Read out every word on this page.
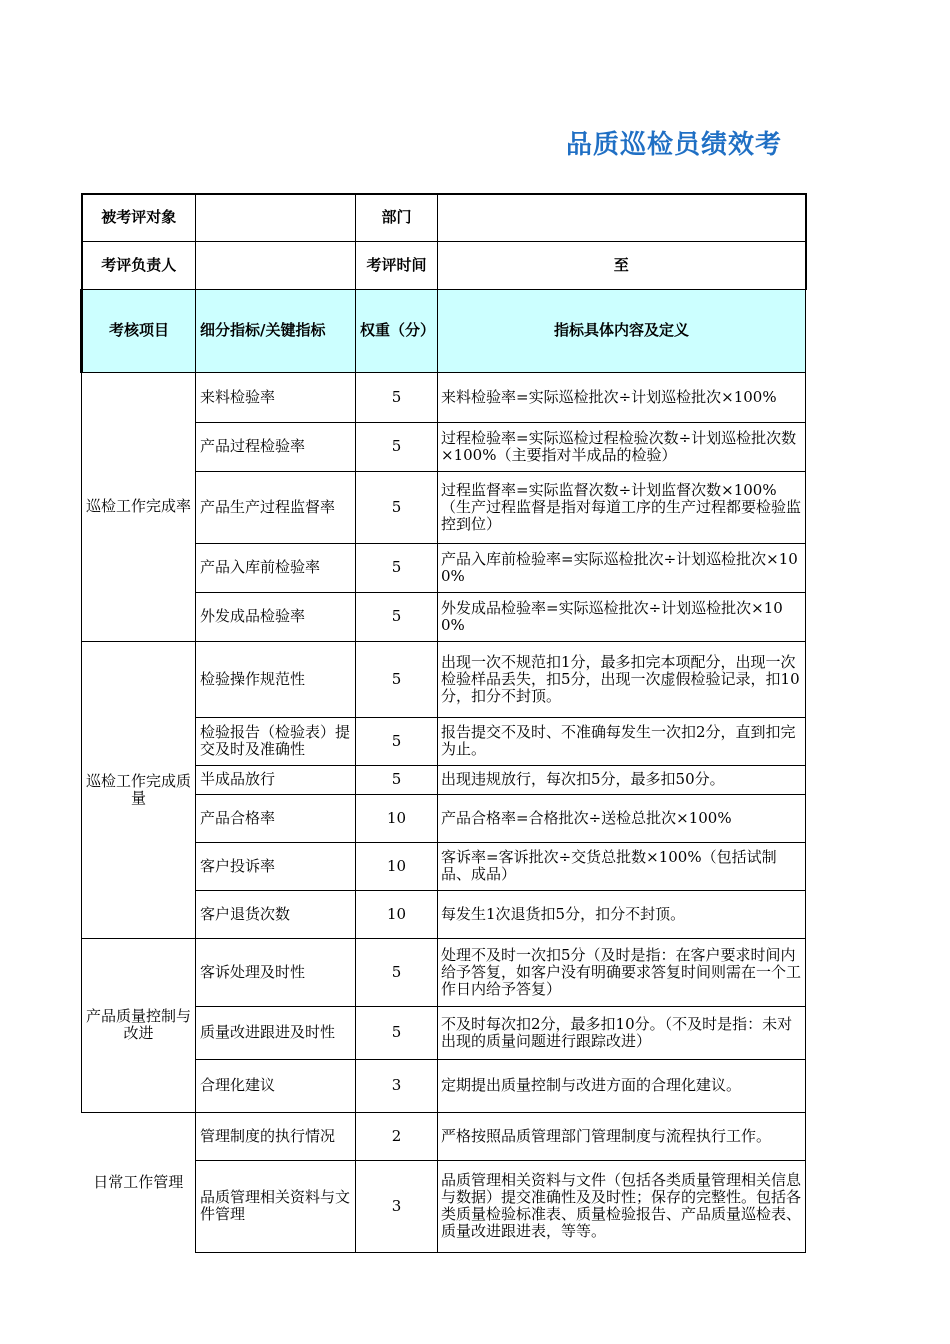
品质巡检员绩效考
被考评对象		部门	
考评负责人		考评时间	至
考核项目	细分指标/关键指标	权重（分）	指标具体内容及定义
巡检工作完成率	来料检验率	5	来料检验率=实际巡检批次÷计划巡检批次×100%
	产品过程检验率	5	过程检验率=实际巡检过程检验次数÷计划巡检批次数×100%（主要指对半成品的检验）
	产品生产过程监督率	5	过程监督率=实际监督次数÷计划监督次数×100%（生产过程监督是指对每道工序的生产过程都要检验监控到位）
	产品入库前检验率	5	产品入库前检验率=实际巡检批次÷计划巡检批次×100%
	外发成品检验率	5	外发成品检验率=实际巡检批次÷计划巡检批次×100%
巡检工作完成质量	检验操作规范性	5	出现一次不规范扣1分，最多扣完本项配分，出现一次检验样品丢失，扣5分，出现一次虚假检验记录，扣10分，扣分不封顶。
	检验报告（检验表）提交及时及准确性	5	报告提交不及时、不准确每发生一次扣2分，直到扣完为止。
	半成品放行	5	出现违规放行，每次扣5分，最多扣50分。
	产品合格率	10	产品合格率=合格批次÷送检总批次×100%
	客户投诉率	10	客诉率=客诉批次÷交货总批数×100%（包括试制品、成品）
	客户退货次数	10	每发生1次退货扣5分，扣分不封顶。
产品质量控制与改进	客诉处理及时性	5	处理不及时一次扣5分（及时是指：在客户要求时间内给予答复，如客户没有明确要求答复时间则需在一个工作日内给予答复）
	质量改进跟进及时性	5	不及时每次扣2分，最多扣10分。（不及时是指：未对出现的质量问题进行跟踪改进）
	合理化建议	3	定期提出质量控制与改进方面的合理化建议。
日常工作管理	管理制度的执行情况	2	严格按照品质管理部门管理制度与流程执行工作。
	品质管理相关资料与文件管理	3	品质管理相关资料与文件（包括各类质量管理相关信息与数据）提交准确性及及时性；保存的完整性。包括各类质量检验标准表、质量检验报告、产品质量巡检表、质量改进跟进表，等等。
